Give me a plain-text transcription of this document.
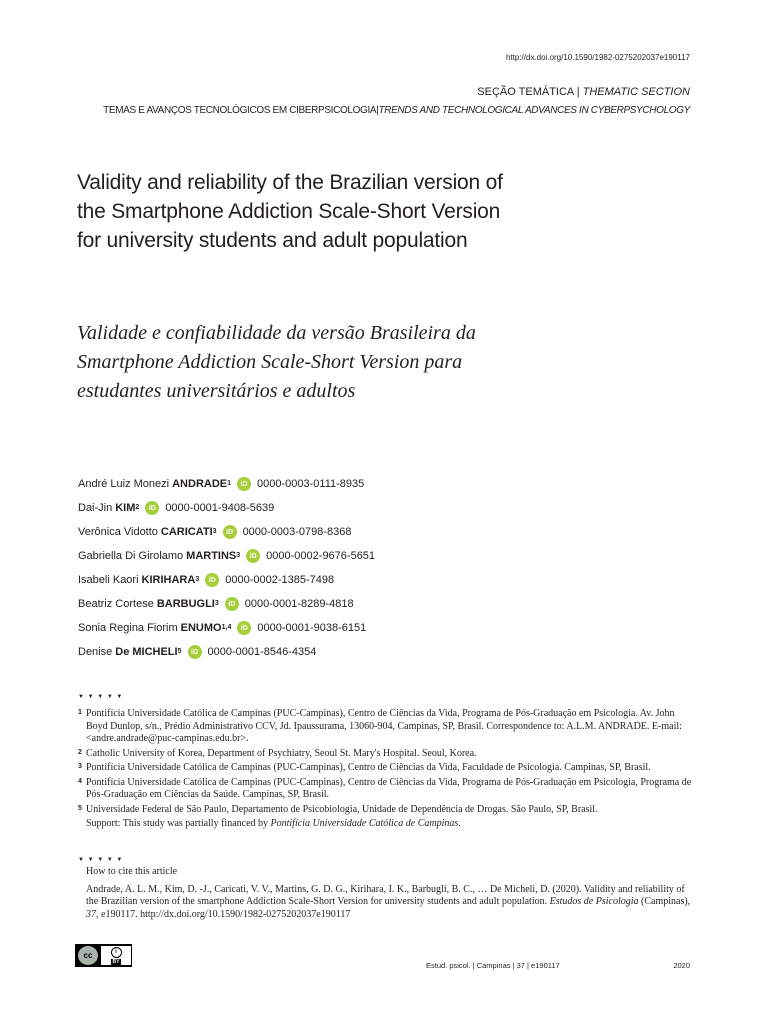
http://dx.doi.org/10.1590/1982-0275202037e190117
SEÇÃO TEMÁTICA | THEMATIC SECTION
TEMAS E AVANÇOS TECNOLÓGICOS EM CIBERPSICOLOGIA|TRENDS AND TECHNOLOGICAL ADVANCES IN CYBERPSYCHOLOGY
Validity and reliability of the Brazilian version of the Smartphone Addiction Scale-Short Version for university students and adult population
Validade e confiabilidade da versão Brasileira da Smartphone Addiction Scale-Short Version para estudantes universitários e adultos
André Luiz Monezi ANDRADE$^1$	iD 0000-0003-0111-8935
Dai-Jin KIM$^2$	iD 0000-0001-9408-5639
Verônica Vidotto CARICATI$^3$	iD 0000-0003-0798-8368
Gabriella Di Girolamo MARTINS$^3$	iD 0000-0002-9676-5651
Isabeli Kaori KIRIHARA$^3$	iD 0000-0002-1385-7498
Beatriz Cortese BARBUGLI$^3$	iD 0000-0001-8289-4818
Sonia Regina Fiorim ENUMO$^{1,4}$	iD 0000-0001-9038-6151
Denise De MICHELI$^5$	iD 0000-0001-8546-4354
▼ ▼ ▼ ▼ ▼
1 Pontifícia Universidade Católica de Campinas (PUC-Campinas), Centro de Ciências da Vida, Programa de Pós-Graduação em Psicologia. Av. John Boyd Dunlop, s/n., Prédio Administrativo CCV, Jd. Ipaussurama, 13060-904, Campinas, SP, Brasil. Correspondence to: A.L.M. ANDRADE. E-mail: <andre.andrade@puc-campinas.edu.br>.
2 Catholic University of Korea, Department of Psychiatry, Seoul St. Mary's Hospital. Seoul, Korea.
3 Pontifícia Universidade Católica de Campinas (PUC-Campinas), Centro de Ciências da Vida, Faculdade de Psicologia. Campinas, SP, Brasil.
4 Pontifícia Universidade Católica de Campinas (PUC-Campinas), Centro de Ciências da Vida, Programa de Pós-Graduação em Psicologia, Programa de Pós-Graduação em Ciências da Saúde. Campinas, SP, Brasil.
5 Universidade Federal de São Paulo, Departamento de Psicobiologia, Unidade de Dependência de Drogas. São Paulo, SP, Brasil.
Support: This study was partially financed by Pontifícia Universidade Católica de Campinas.
▼ ▼ ▼ ▼ ▼
How to cite this article
Andrade, A. L. M., Kim, D. -J., Caricati, V. V., Martins, G. D. G., Kirihara, I. K., Barbugli, B. C., … De Micheli, D. (2020). Validity and reliability of the Brazilian version of the smartphone Addiction Scale-Short Version for university students and adult population. Estudos de Psicologia (Campinas), 37, e190117. http://dx.doi.org/10.1590/1982-0275202037e190117
cc	i
BY	Estud. psicol. | Campinas | 37 | e190117	2020
